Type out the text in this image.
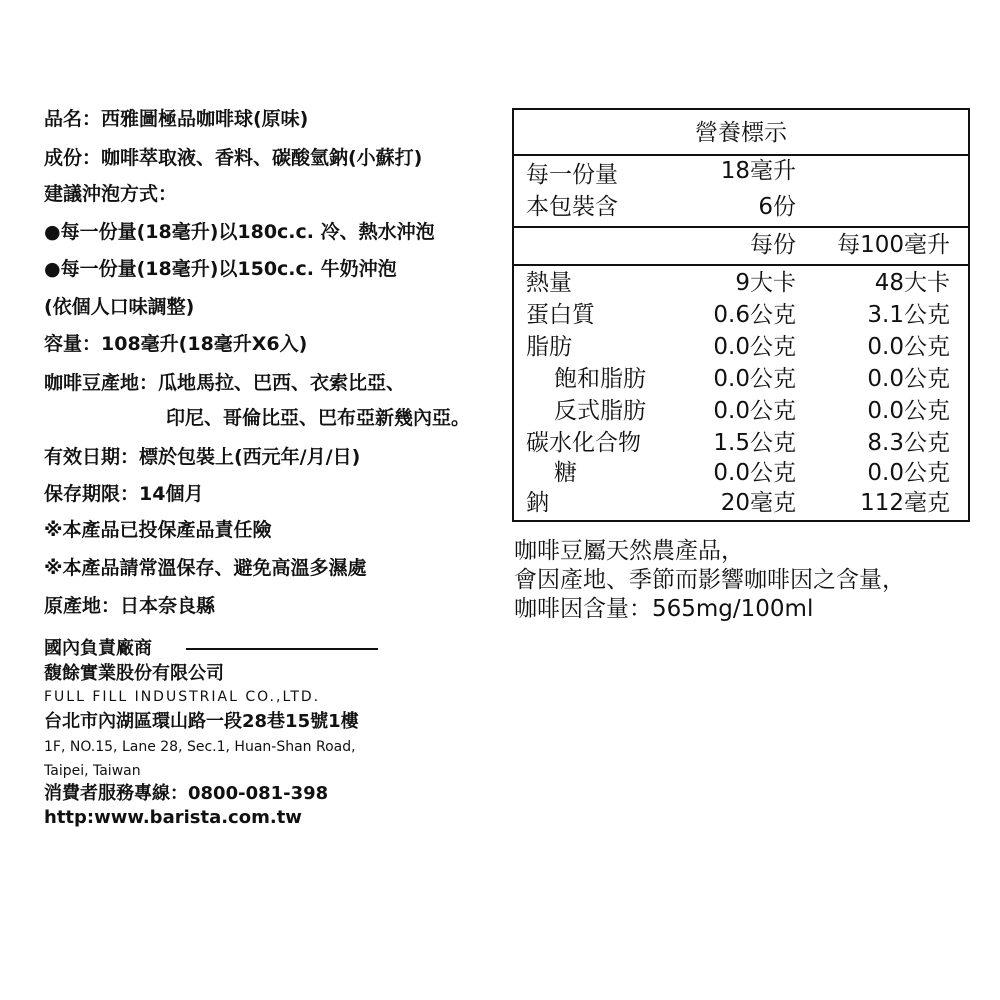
品名：西雅圖極品咖啡球(原味)
成份：咖啡萃取液、香料、碳酸氫鈉(小蘇打)
建議沖泡方式：
●每一份量(18毫升)以180c.c. 冷、熱水沖泡
●每一份量(18毫升)以150c.c. 牛奶沖泡
(依個人口味調整)
容量：108毫升(18毫升X6入)
咖啡豆產地：瓜地馬拉、巴西、衣索比亞、
印尼、哥倫比亞、巴布亞新幾內亞。
有效日期：標於包裝上(西元年/月/日)
保存期限：14個月
※本產品已投保產品責任險
※本產品請常溫保存、避免高溫多濕處
原產地：日本奈良縣
國內負責廠商
馥餘實業股份有限公司
FULL FILL INDUSTRIAL CO.,LTD.
台北市內湖區環山路一段28巷15號1樓
1F, NO.15, Lane 28, Sec.1, Huan-Shan Road,
Taipei, Taiwan
消費者服務專線：0800-081-398
http:www.barista.com.tw
營養標示
每一份量	18毫升
本包裝含	6份
每份 每100毫升
熱量	9大卡	48大卡
蛋白質	0.6公克	3.1公克
脂肪	0.0公克	0.0公克
飽和脂肪	0.0公克	0.0公克
反式脂肪	0.0公克	0.0公克
碳水化合物	1.5公克	8.3公克
糖	0.0公克	0.0公克
鈉	20毫克	112毫克
咖啡豆屬天然農產品，
會因產地、季節而影響咖啡因之含量，
咖啡因含量：565mg/100ml
